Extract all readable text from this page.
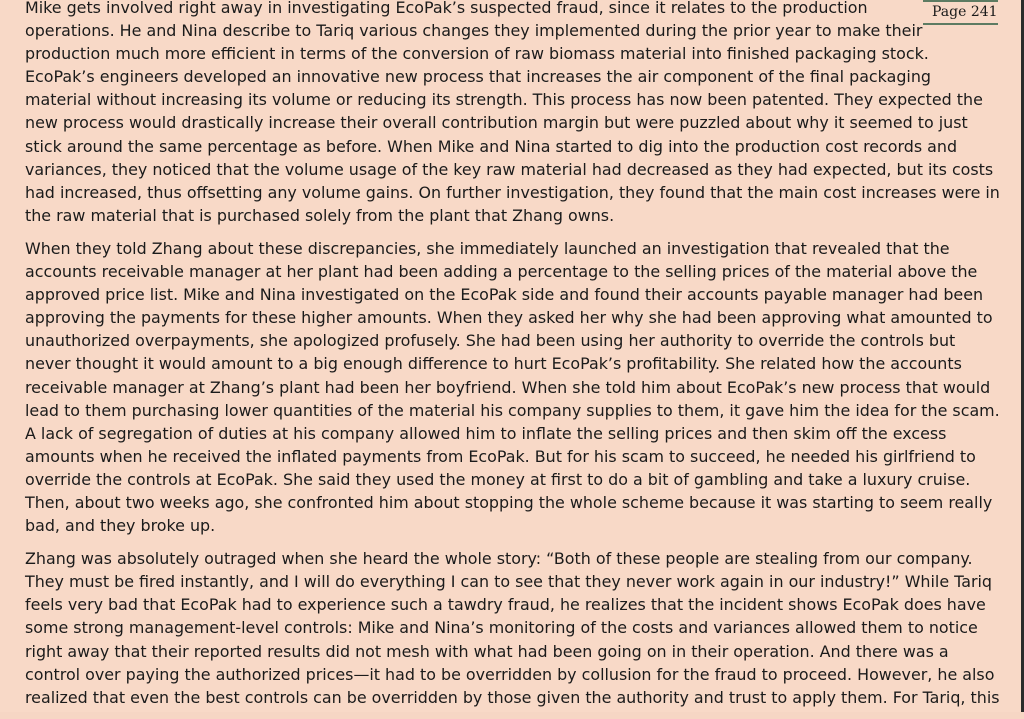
Mike gets involved right away in investigating EcoPak’s suspected fraud, since it relates to the production
operations. He and Nina describe to Tariq various changes they implemented during the prior year to make their
production much more efficient in terms of the conversion of raw biomass material into finished packaging stock.
EcoPak’s engineers developed an innovative new process that increases the air component of the final packaging
material without increasing its volume or reducing its strength. This process has now been patented. They expected the
new process would drastically increase their overall contribution margin but were puzzled about why it seemed to just
stick around the same percentage as before. When Mike and Nina started to dig into the production cost records and
variances, they noticed that the volume usage of the key raw material had decreased as they had expected, but its costs
had increased, thus offsetting any volume gains. On further investigation, they found that the main cost increases were in
the raw material that is purchased solely from the plant that Zhang owns.
When they told Zhang about these discrepancies, she immediately launched an investigation that revealed that the
accounts receivable manager at her plant had been adding a percentage to the selling prices of the material above the
approved price list. Mike and Nina investigated on the EcoPak side and found their accounts payable manager had been
approving the payments for these higher amounts. When they asked her why she had been approving what amounted to
unauthorized overpayments, she apologized profusely. She had been using her authority to override the controls but
never thought it would amount to a big enough difference to hurt EcoPak’s profitability. She related how the accounts
receivable manager at Zhang’s plant had been her boyfriend. When she told him about EcoPak’s new process that would
lead to them purchasing lower quantities of the material his company supplies to them, it gave him the idea for the scam.
A lack of segregation of duties at his company allowed him to inflate the selling prices and then skim off the excess
amounts when he received the inflated payments from EcoPak. But for his scam to succeed, he needed his girlfriend to
override the controls at EcoPak. She said they used the money at first to do a bit of gambling and take a luxury cruise.
Then, about two weeks ago, she confronted him about stopping the whole scheme because it was starting to seem really
bad, and they broke up.
Zhang was absolutely outraged when she heard the whole story: “Both of these people are stealing from our company.
They must be fired instantly, and I will do everything I can to see that they never work again in our industry!” While Tariq
feels very bad that EcoPak had to experience such a tawdry fraud, he realizes that the incident shows EcoPak does have
some strong management-level controls: Mike and Nina’s monitoring of the costs and variances allowed them to notice
right away that their reported results did not mesh with what had been going on in their operation. And there was a
control over paying the authorized prices—it had to be overridden by collusion for the fraud to proceed. However, he also
realized that even the best controls can be overridden by those given the authority and trust to apply them. For Tariq, this
Page 241
